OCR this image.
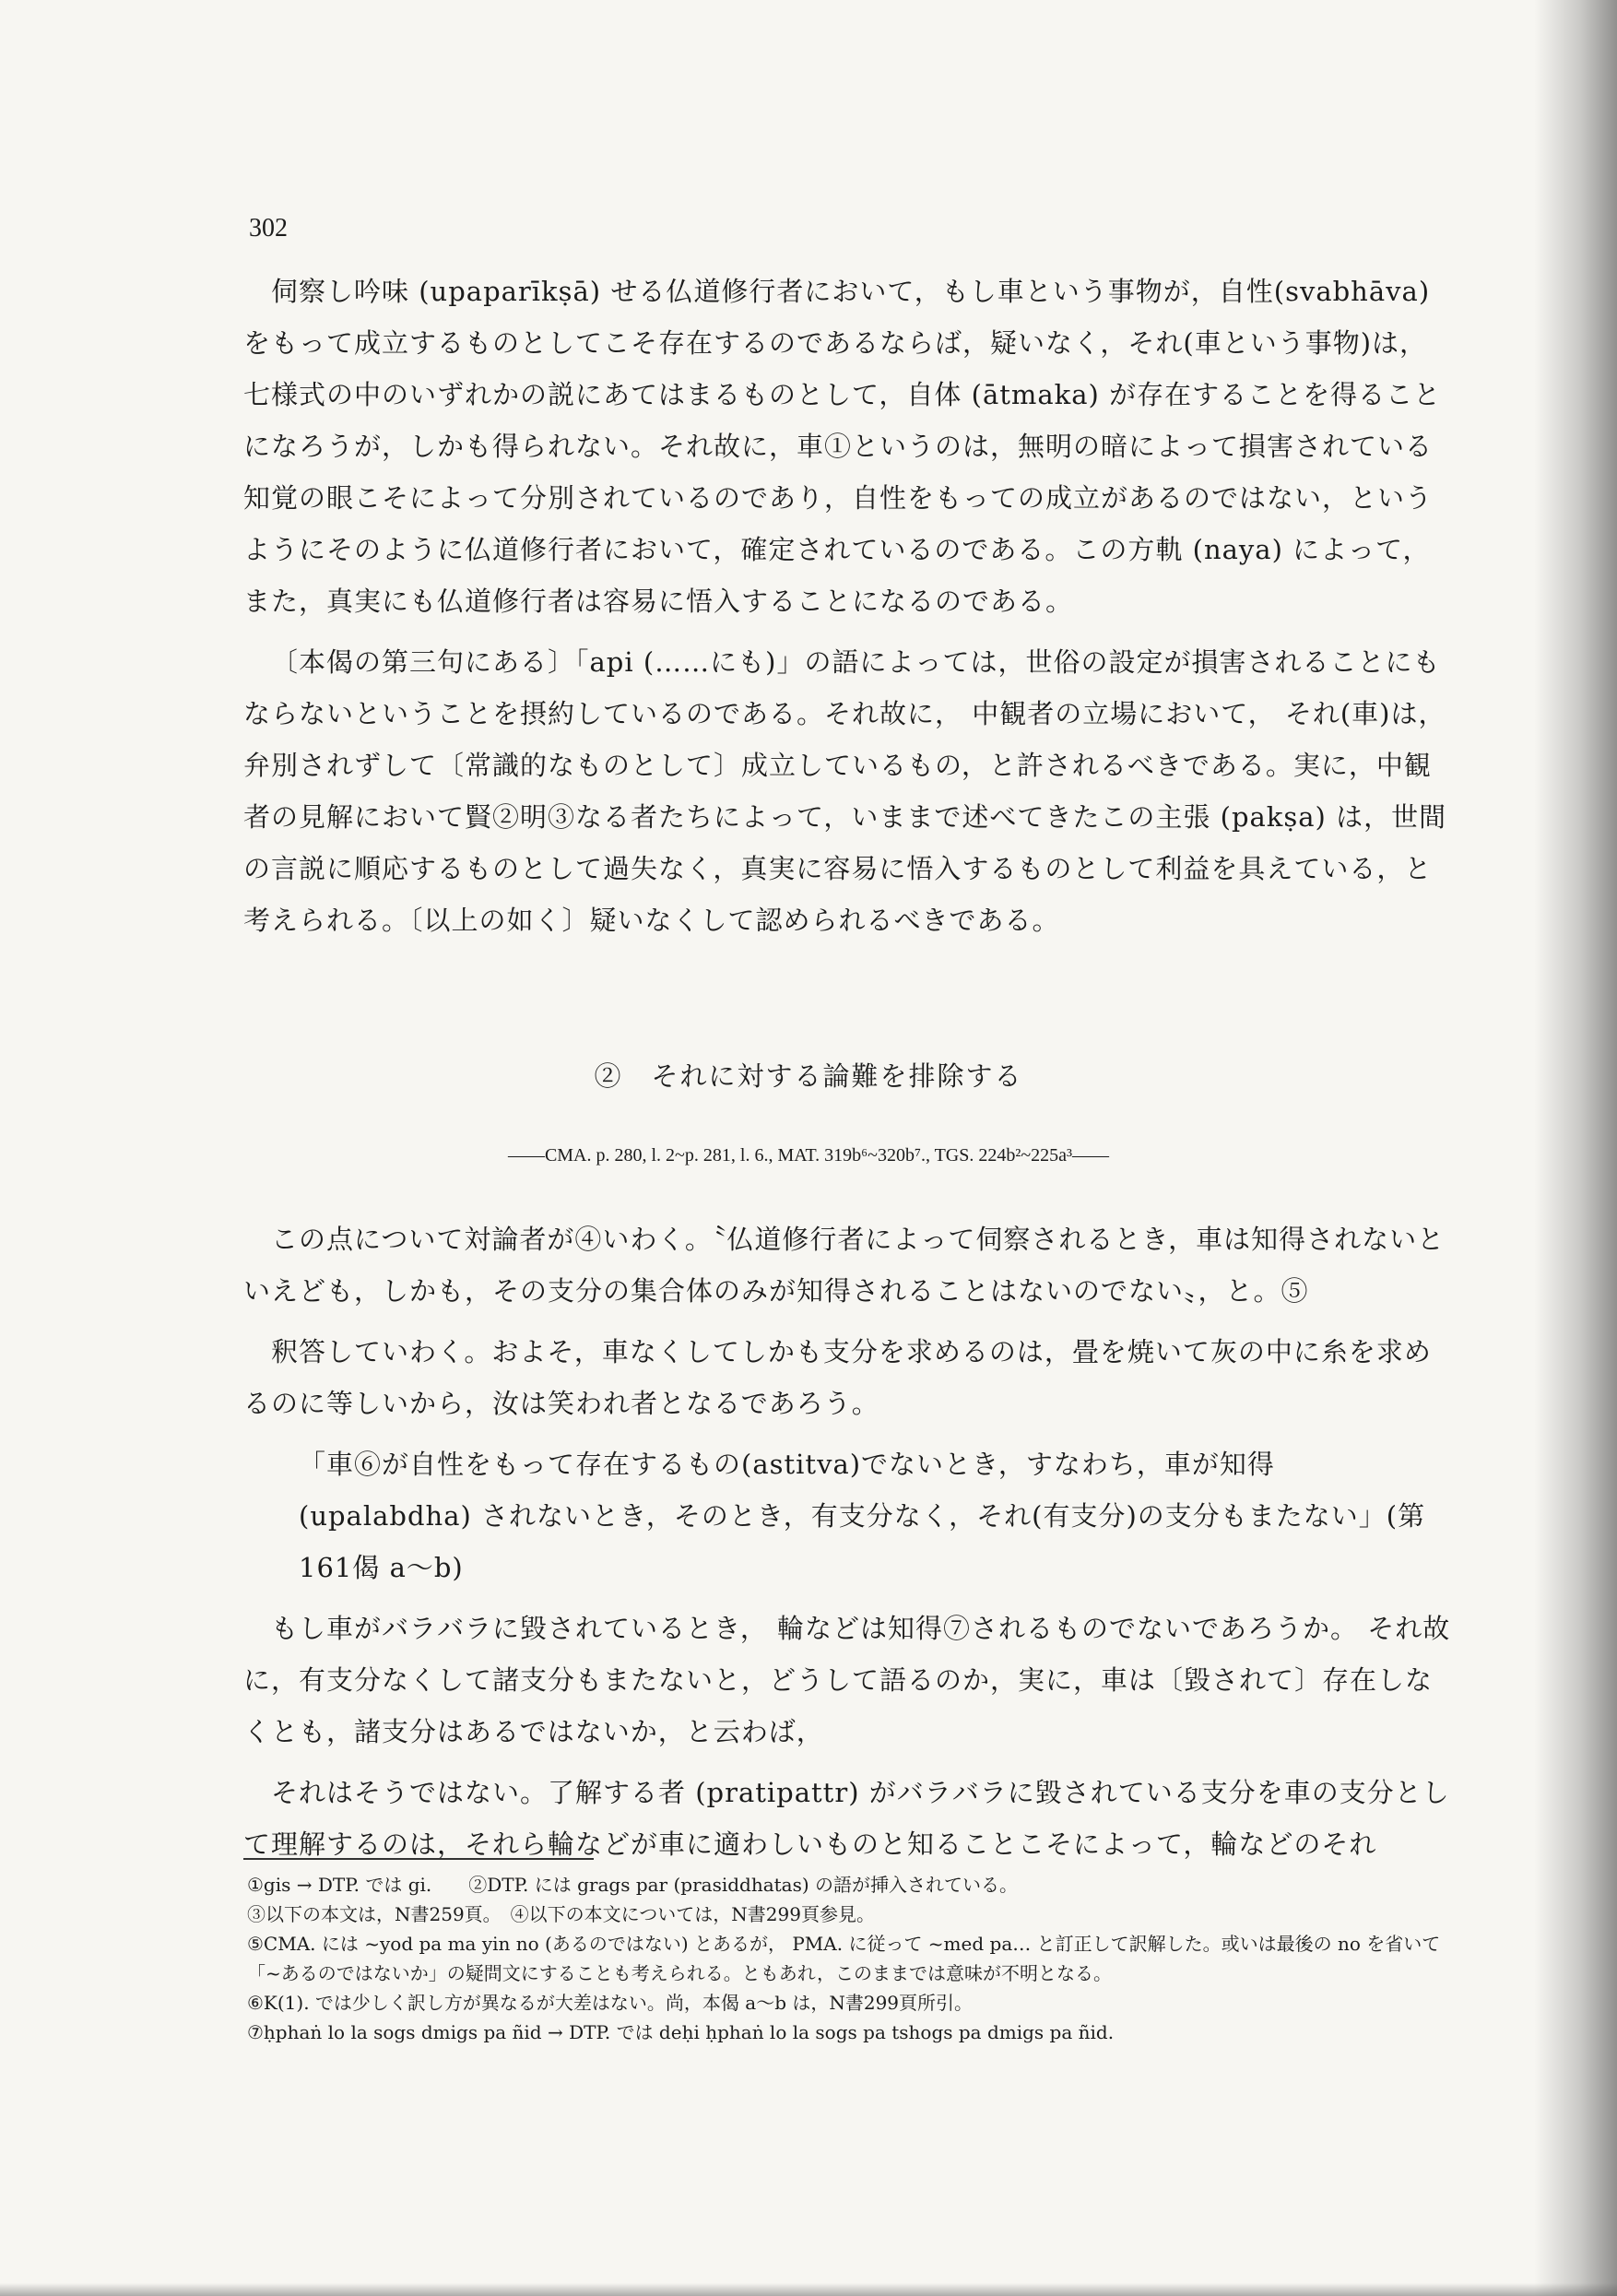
302

伺察し吟味 (upaparīkṣā) せる仏道修行者において，もし車という事物が，自性(svabhāva)をもって成立するものとしてこそ存在するのであるならば，疑いなく，それ(車という事物)は，七様式の中のいずれかの説にあてはまるものとして，自体 (ātmaka) が存在することを得ることになろうが，しかも得られない。それ故に，車①というのは，無明の暗によって損害されている知覚の眼こそによって分別されているのであり，自性をもっての成立があるのではない，というようにそのように仏道修行者において，確定されているのである。この方軌 (naya) によって，また，真実にも仏道修行者は容易に悟入することになるのである。

〔本偈の第三句にある〕「api (……にも)」の語によっては，世俗の設定が損害されることにもならないということを摂約しているのである。それ故に， 中観者の立場において， それ(車)は，弁別されずして〔常識的なものとして〕成立しているもの，と許されるべきである。実に，中観者の見解において賢②明③なる者たちによって，いままで述べてきたこの主張 (pakṣa) は，世間の言説に順応するものとして過失なく，真実に容易に悟入するものとして利益を具えている，と考えられる。〔以上の如く〕疑いなくして認められるべきである。

②　それに対する論難を排除する
——CMA. p. 280, l. 2~p. 281, l. 6., MAT. 319b⁶~320b⁷., TGS. 224b²~225a³——

この点について対論者が④いわく。〝仏道修行者によって伺察されるとき，車は知得されないといえども，しかも，その支分の集合体のみが知得されることはないのでない〟，と。⑤

釈答していわく。およそ，車なくしてしかも支分を求めるのは，畳を焼いて灰の中に糸を求めるのに等しいから，汝は笑われ者となるであろう。

「車⑥が自性をもって存在するもの(astitva)でないとき，すなわち，車が知得 (upalabdha) されないとき，そのとき，有支分なく，それ(有支分)の支分もまたない」(第161偈 a～b)

もし車がバラバラに毀されているとき， 輪などは知得⑦されるものでないであろうか。 それ故に，有支分なくして諸支分もまたないと，どうして語るのか，実に，車は〔毀されて〕存在しなくとも，諸支分はあるではないか，と云わば，

それはそうではない。了解する者 (pratipattr) がバラバラに毀されている支分を車の支分として理解するのは，それら輪などが車に適わしいものと知ることこそによって，輪などのそれ

①gis → DTP. では gi.　　②DTP. には grags par (prasiddhatas) の語が挿入されている。
③以下の本文は，N書259頁。　④以下の本文については，N書299頁参見。
⑤CMA. には ~yod pa ma yin no (あるのではない) とあるが， PMA. に従って ~med pa… と訂正して訳解した。或いは最後の no を省いて「~あるのではないか」の疑問文にすることも考えられる。ともあれ，このままでは意味が不明となる。
⑥K(1). では少しく訳し方が異なるが大差はない。尚，本偈 a～b は，N書299頁所引。
⑦ḥphaṅ lo la sogs dmigs pa ñid → DTP. では deḥi ḥphaṅ lo la sogs pa tshogs pa dmigs pa ñid.
